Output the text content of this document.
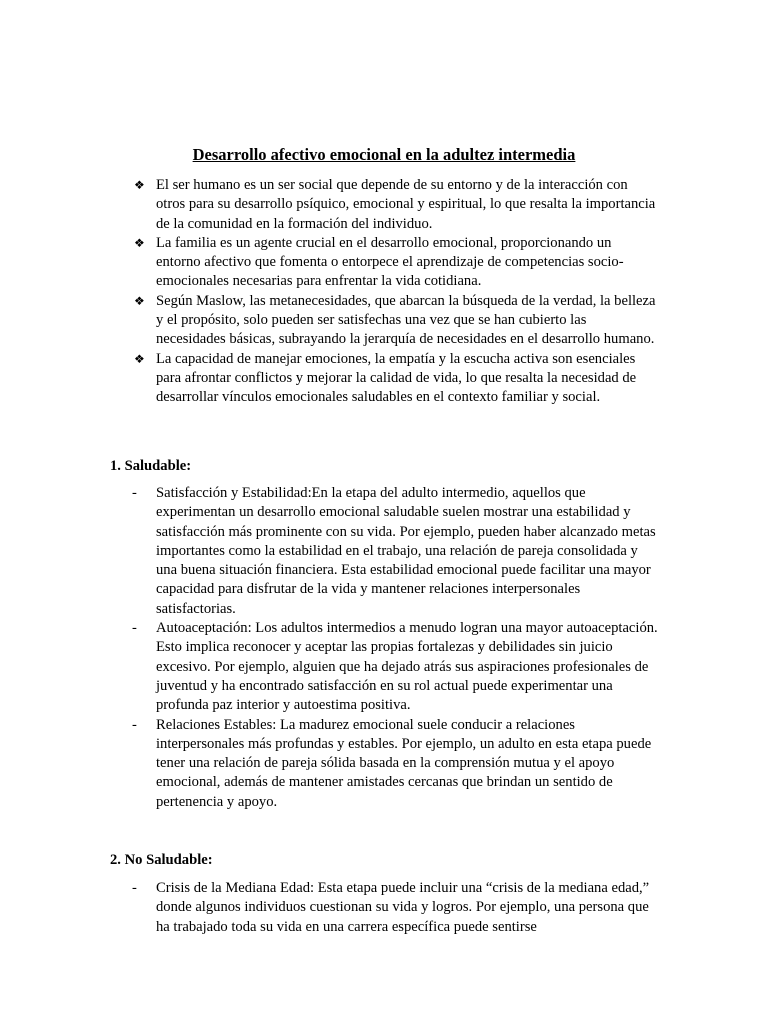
Desarrollo afectivo emocional en la adultez intermedia
❖ El ser humano es un ser social que depende de su entorno y de la interacción con otros para su desarrollo psíquico, emocional y espiritual, lo que resalta la importancia de la comunidad en la formación del individuo.
❖ La familia es un agente crucial en el desarrollo emocional, proporcionando un entorno afectivo que fomenta o entorpece el aprendizaje de competencias socio-emocionales necesarias para enfrentar la vida cotidiana.
❖ Según Maslow, las metanecesidades, que abarcan la búsqueda de la verdad, la belleza y el propósito, solo pueden ser satisfechas una vez que se han cubierto las necesidades básicas, subrayando la jerarquía de necesidades en el desarrollo humano.
❖ La capacidad de manejar emociones, la empatía y la escucha activa son esenciales para afrontar conflictos y mejorar la calidad de vida, lo que resalta la necesidad de desarrollar vínculos emocionales saludables en el contexto familiar y social.
1. Saludable:
- Satisfacción y Estabilidad:En la etapa del adulto intermedio, aquellos que experimentan un desarrollo emocional saludable suelen mostrar una estabilidad y satisfacción más prominente con su vida. Por ejemplo, pueden haber alcanzado metas importantes como la estabilidad en el trabajo, una relación de pareja consolidada y una buena situación financiera. Esta estabilidad emocional puede facilitar una mayor capacidad para disfrutar de la vida y mantener relaciones interpersonales satisfactorias.
- Autoaceptación: Los adultos intermedios a menudo logran una mayor autoaceptación. Esto implica reconocer y aceptar las propias fortalezas y debilidades sin juicio excesivo. Por ejemplo, alguien que ha dejado atrás sus aspiraciones profesionales de juventud y ha encontrado satisfacción en su rol actual puede experimentar una profunda paz interior y autoestima positiva.
- Relaciones Estables: La madurez emocional suele conducir a relaciones interpersonales más profundas y estables. Por ejemplo, un adulto en esta etapa puede tener una relación de pareja sólida basada en la comprensión mutua y el apoyo emocional, además de mantener amistades cercanas que brindan un sentido de pertenencia y apoyo.
2. No Saludable:
- Crisis de la Mediana Edad: Esta etapa puede incluir una “crisis de la mediana edad,” donde algunos individuos cuestionan su vida y logros. Por ejemplo, una persona que ha trabajado toda su vida en una carrera específica puede sentirse
